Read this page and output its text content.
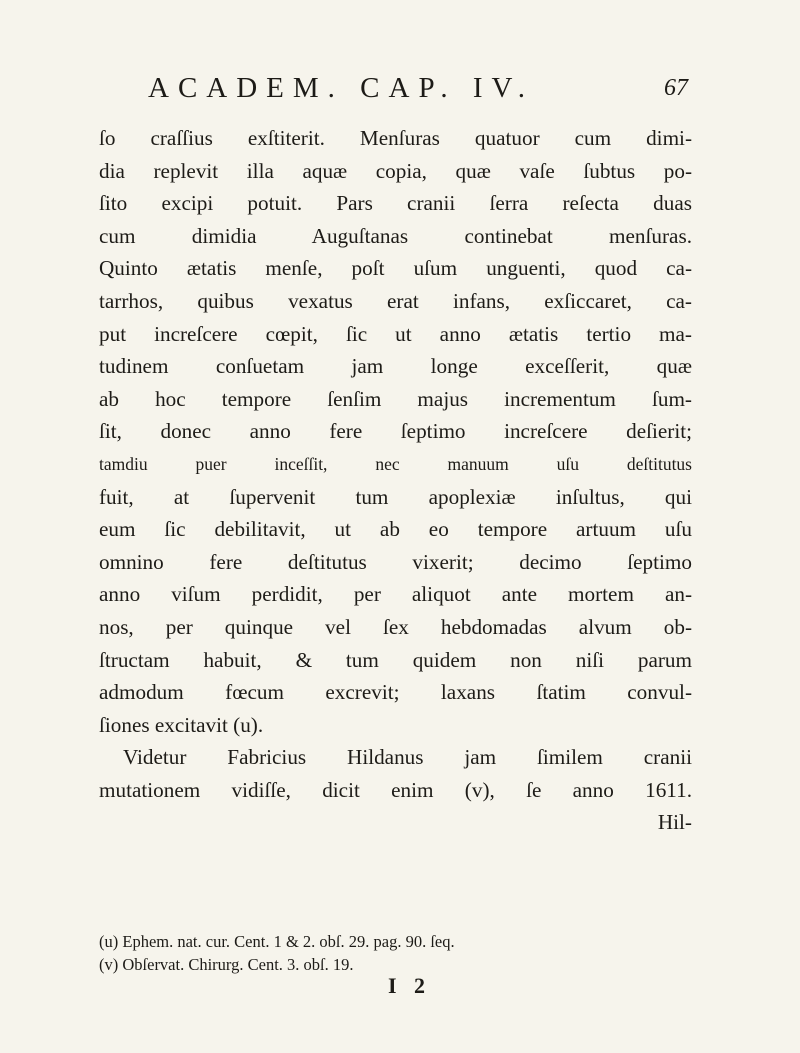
ACADEM. CAP. IV.	67
ſo craſſius exſtiterit. Menſuras quatuor cum dimi-
dia replevit illa aquæ copia, quæ vaſe ſubtus po-
ſito excipi potuit. Pars cranii ſerra reſecta duas
cum dimidia Auguſtanas continebat menſuras.
Quinto ætatis menſe, poſt uſum unguenti, quod ca-
tarrhos, quibus vexatus erat infans, exſiccaret, ca-
put increſcere cœpit, ſic ut anno ætatis tertio ma-
tudinem conſuetam jam longe exceſſerit, quæ
ab hoc tempore ſenſim majus incrementum ſum-
ſit, donec anno fere ſeptimo increſcere deſierit;
tamdiu puer inceſſit, nec manuum uſu deſtitutus
fuit, at ſupervenit tum apoplexiæ inſultus, qui
eum ſic debilitavit, ut ab eo tempore artuum uſu
omnino fere deſtitutus vixerit; decimo ſeptimo
anno viſum perdidit, per aliquot ante mortem an-
nos, per quinque vel ſex hebdomadas alvum ob-
ſtructam habuit, & tum quidem non niſi parum
admodum fœcum excrevit; laxans ſtatim convul-
ſiones excitavit (u).
Videtur Fabricius Hildanus jam ſimilem cranii
mutationem vidiſſe, dicit enim (v), ſe anno 1611.
Hil-
(u) Ephem. nat. cur. Cent. 1 & 2. obſ. 29. pag. 90. ſeq.
(v) Obſervat. Chirurg. Cent. 3. obſ. 19.
I 2
